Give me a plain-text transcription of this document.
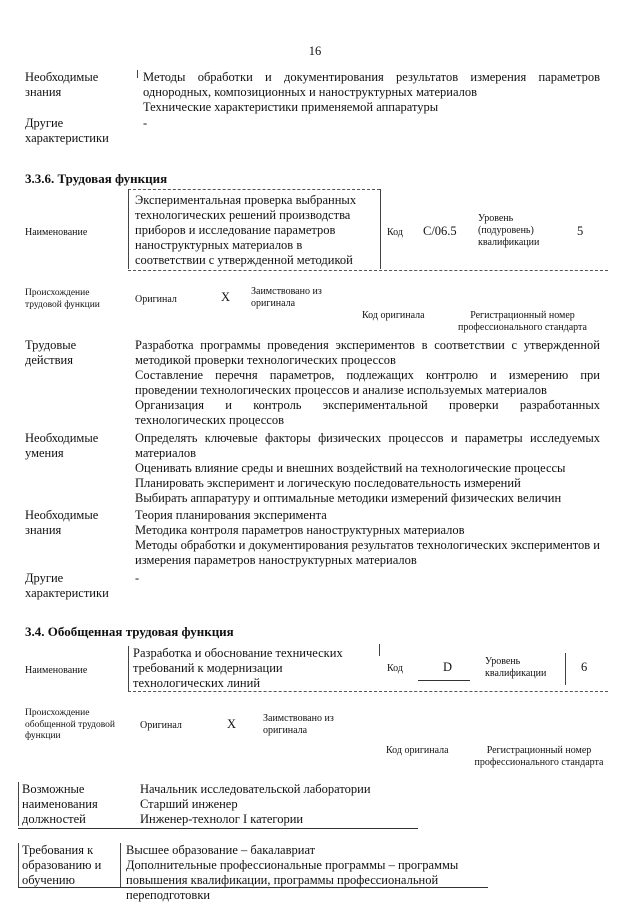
16
Необходимые знания

Методы обработки и документирования результатов измерения параметров однородных, композиционных и наноструктурных материалов

Технические характеристики применяемой аппаратуры

Другие характеристики
-
3.3.6. Трудовая функция
Наименование
Экспериментальная проверка выбранных технологических решений производства приборов и исследование параметров наноструктурных материалов в соответствии с утвержденной методикой
Код С/06.5
Уровень (подуровень) квалификации
5
Происхождение трудовой функции	Оригинал	Х Заимствовано из оригинала
Код оригинала	Регистрационный номер профессионального стандарта
Трудовые действия

Разработка программы проведения экспериментов в соответствии с утвержденной методикой проверки технологических процессов

Составление перечня параметров, подлежащих контролю и измерению при проведении технологических процессов и анализе используемых материалов

Организация и контроль экспериментальной проверки разработанных технологических процессов

Необходимые умения

Определять ключевые факторы физических процессов и параметры исследуемых материалов

Оценивать влияние среды и внешних воздействий на технологические процессы

Планировать эксперимент и логическую последовательность измерений

Выбирать аппаратуру и оптимальные методики измерений физических величин

Необходимые знания

Теория планирования эксперимента

Методика контроля параметров наноструктурных материалов

Методы обработки и документирования результатов технологических экспериментов и измерения параметров наноструктурных материалов

Другие характеристики
-
3.4. Обобщенная трудовая функция
Наименование
Разработка и обоснование технических требований к модернизации технологических линий
Код	D	Уровень квалификации	6
Происхождение обобщенной трудовой функции
Оригинал	Х	Заимствовано из оригинала
Код оригинала	Регистрационный номер профессионального стандарта
Возможные наименования должностей

Начальник исследовательской лаборатории

Старший инженер

Инженер-технолог I категории

Требования к образованию и обучению

Высшее образование – бакалавриат

Дополнительные профессиональные программы – программы повышения квалификации, программы профессиональной переподготовки
